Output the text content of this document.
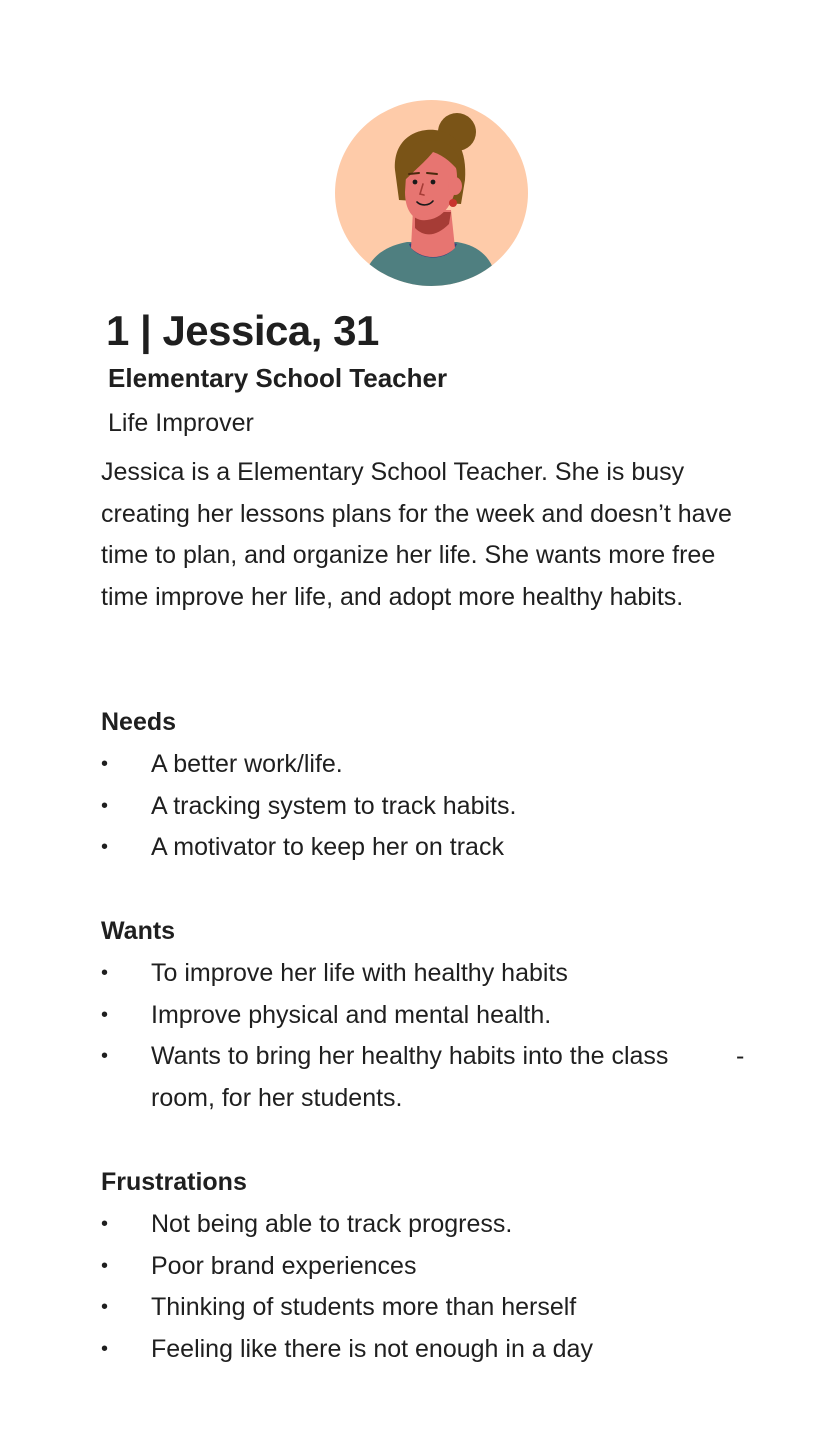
1 | Jessica, 31
Elementary School Teacher

Life Improver

Jessica is a Elementary School Teacher. She is busy creating her lessons plans for the week and doesn’t have time to plan, and organize her life. She wants more free time improve her life, and adopt more healthy habits.

Needs
• A better work/life.
• A tracking system to track habits.
• A motivator to keep her on track
Wants
• To improve her life with healthy habits
• Improve physical and mental health.
• Wants to bring her healthy habits into the class room, for her students.
-
Frustrations
• Not being able to track progress.
• Poor brand experiences
• Thinking of students more than herself
• Feeling like there is not enough in a day
